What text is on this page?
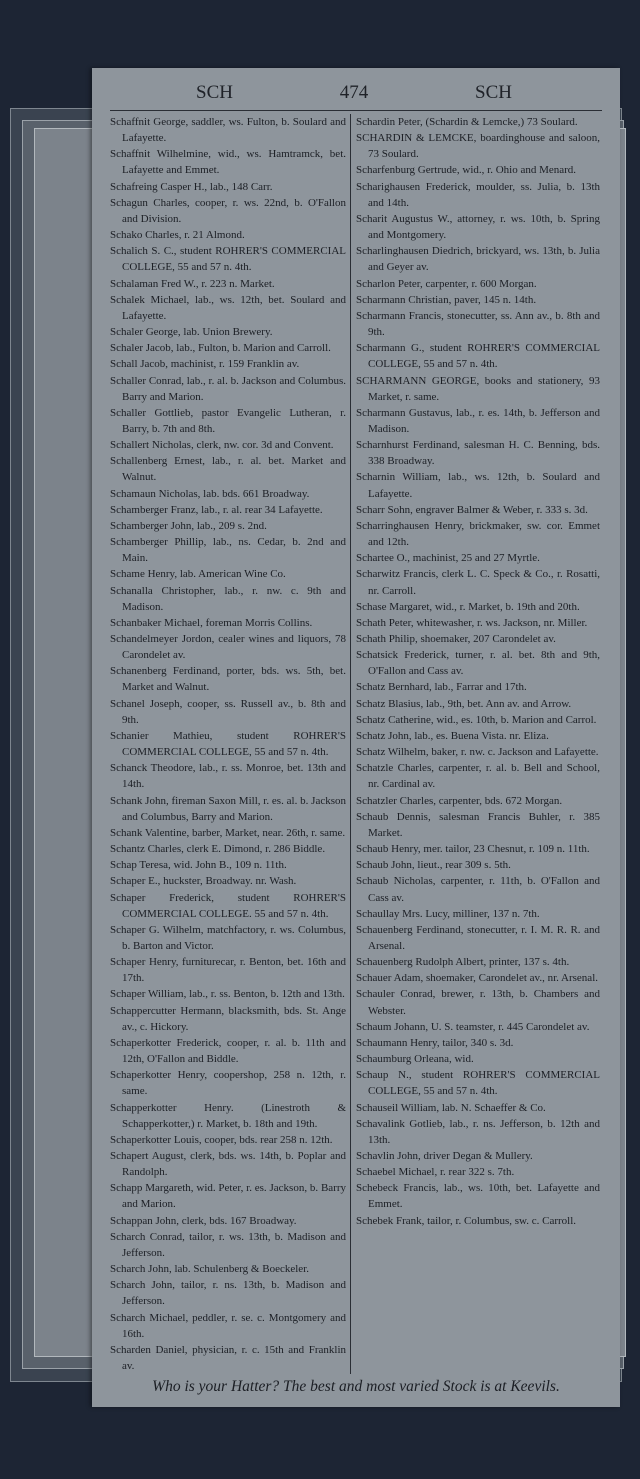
SCH	474	SCH

Schaffnit George, saddler, ws. Fulton, b. Soulard and Lafayette.

Schaffnit Wilhelmine, wid., ws. Hamtramck, bet. Lafayette and Emmet.

Schafreing Casper H., lab., 148 Carr.

Schagun Charles, cooper, r. ws. 22nd, b. O'Fallon and Division.

Schako Charles, r. 21 Almond.

Schalich S. C., student ROHRER'S COMMERCIAL COLLEGE, 55 and 57 n. 4th.

Schalaman Fred W., r. 223 n. Market.

Schalek Michael, lab., ws. 12th, bet. Soulard and Lafayette.

Schaler George, lab. Union Brewery.

Schaler Jacob, lab., Fulton, b. Marion and Carroll.

Schall Jacob, machinist, r. 159 Franklin av.

Schaller Conrad, lab., r. al. b. Jackson and Columbus. Barry and Marion.

Schaller Gottlieb, pastor Evangelic Lutheran, r. Barry, b. 7th and 8th.

Schallert Nicholas, clerk, nw. cor. 3d and Convent.

Schallenberg Ernest, lab., r. al. bet. Market and Walnut.

Schamaun Nicholas, lab. bds. 661 Broadway.

Schamberger Franz, lab., r. al. rear 34 Lafayette.

Schamberger John, lab., 209 s. 2nd.

Schamberger Phillip, lab., ns. Cedar, b. 2nd and Main.

Schame Henry, lab. American Wine Co.

Schanalla Christopher, lab., r. nw. c. 9th and Madison.

Schanbaker Michael, foreman Morris Collins.

Schandelmeyer Jordon, cealer wines and liquors, 78 Carondelet av.

Schanenberg Ferdinand, porter, bds. ws. 5th, bet. Market and Walnut.

Schanel Joseph, cooper, ss. Russell av., b. 8th and 9th.

Schanier Mathieu, student ROHRER'S COMMERCIAL COLLEGE, 55 and 57 n. 4th.

Schanck Theodore, lab., r. ss. Monroe, bet. 13th and 14th.

Schank John, fireman Saxon Mill, r. es. al. b. Jackson and Columbus, Barry and Marion.

Schank Valentine, barber, Market, near. 26th, r. same.

Schantz Charles, clerk E. Dimond, r. 286 Biddle.

Schap Teresa, wid. John B., 109 n. 11th.

Schaper E., huckster, Broadway. nr. Wash.

Schaper Frederick, student ROHRER'S COMMERCIAL COLLEGE. 55 and 57 n. 4th.

Schaper G. Wilhelm, matchfactory, r. ws. Columbus, b. Barton and Victor.

Schaper Henry, furniturecar, r. Benton, bet. 16th and 17th.

Schaper William, lab., r. ss. Benton, b. 12th and 13th.

Schappercutter Hermann, blacksmith, bds. St. Ange av., c. Hickory.

Schaperkotter Frederick, cooper, r. al. b. 11th and 12th, O'Fallon and Biddle.

Schaperkotter Henry, coopershop, 258 n. 12th, r. same.

Schapperkotter Henry. (Linestroth & Schapperkotter,) r. Market, b. 18th and 19th.

Schaperkotter Louis, cooper, bds. rear 258 n. 12th.

Schapert August, clerk, bds. ws. 14th, b. Poplar and Randolph.

Schapp Margareth, wid. Peter, r. es. Jackson, b. Barry and Marion.

Schappan John, clerk, bds. 167 Broadway.

Scharch Conrad, tailor, r. ws. 13th, b. Madison and Jefferson.

Scharch John, lab. Schulenberg & Boeckeler.

Scharch John, tailor, r. ns. 13th, b. Madison and Jefferson.

Scharch Michael, peddler, r. se. c. Montgomery and 16th.

Scharden Daniel, physician, r. c. 15th and Franklin av.

Schardin Peter, (Schardin & Lemcke,) 73 Soulard.

SCHARDIN & LEMCKE, boardinghouse and saloon, 73 Soulard.

Scharfenburg Gertrude, wid., r. Ohio and Menard.

Scharighausen Frederick, moulder, ss. Julia, b. 13th and 14th.

Scharit Augustus W., attorney, r. ws. 10th, b. Spring and Montgomery.

Scharlinghausen Diedrich, brickyard, ws. 13th, b. Julia and Geyer av.

Scharlon Peter, carpenter, r. 600 Morgan.

Scharmann Christian, paver, 145 n. 14th.

Scharmann Francis, stonecutter, ss. Ann av., b. 8th and 9th.

Scharmann G., student ROHRER'S COMMERCIAL COLLEGE, 55 and 57 n. 4th.

SCHARMANN GEORGE, books and stationery, 93 Market, r. same.

Scharmann Gustavus, lab., r. es. 14th, b. Jefferson and Madison.

Scharnhurst Ferdinand, salesman H. C. Benning, bds. 338 Broadway.

Scharnin William, lab., ws. 12th, b. Soulard and Lafayette.

Scharr Sohn, engraver Balmer & Weber, r. 333 s. 3d.

Scharringhausen Henry, brickmaker, sw. cor. Emmet and 12th.

Schartee O., machinist, 25 and 27 Myrtle.

Scharwitz Francis, clerk L. C. Speck & Co., r. Rosatti, nr. Carroll.

Schase Margaret, wid., r. Market, b. 19th and 20th.

Schath Peter, whitewasher, r. ws. Jackson, nr. Miller.

Schath Philip, shoemaker, 207 Carondelet av.

Schatsick Frederick, turner, r. al. bet. 8th and 9th, O'Fallon and Cass av.

Schatz Bernhard, lab., Farrar and 17th.

Schatz Blasius, lab., 9th, bet. Ann av. and Arrow.

Schatz Catherine, wid., es. 10th, b. Marion and Carrol.

Schatz John, lab., es. Buena Vista. nr. Eliza.

Schatz Wilhelm, baker, r. nw. c. Jackson and Lafayette.

Schatzle Charles, carpenter, r. al. b. Bell and School, nr. Cardinal av.

Schatzler Charles, carpenter, bds. 672 Morgan.

Schaub Dennis, salesman Francis Buhler, r. 385 Market.

Schaub Henry, mer. tailor, 23 Chesnut, r. 109 n. 11th.

Schaub John, lieut., rear 309 s. 5th.

Schaub Nicholas, carpenter, r. 11th, b. O'Fallon and Cass av.

Schaullay Mrs. Lucy, milliner, 137 n. 7th.

Schauenberg Ferdinand, stonecutter, r. I. M. R. R. and Arsenal.

Schauenberg Rudolph Albert, printer, 137 s. 4th.

Schauer Adam, shoemaker, Carondelet av., nr. Arsenal.

Schauler Conrad, brewer, r. 13th, b. Chambers and Webster.

Schaum Johann, U. S. teamster, r. 445 Carondelet av.

Schaumann Henry, tailor, 340 s. 3d.

Schaumburg Orleana, wid.

Schaup N., student ROHRER'S COMMERCIAL COLLEGE, 55 and 57 n. 4th.

Schauseil William, lab. N. Schaeffer & Co.

Schavalink Gotlieb, lab., r. ns. Jefferson, b. 12th and 13th.

Schavlin John, driver Degan & Mullery.

Schaebel Michael, r. rear 322 s. 7th.

Schebeck Francis, lab., ws. 10th, bet. Lafayette and Emmet.

Schebek Frank, tailor, r. Columbus, sw. c. Carroll.

Who is your Hatter? The best and most varied Stock is at Keevils.
